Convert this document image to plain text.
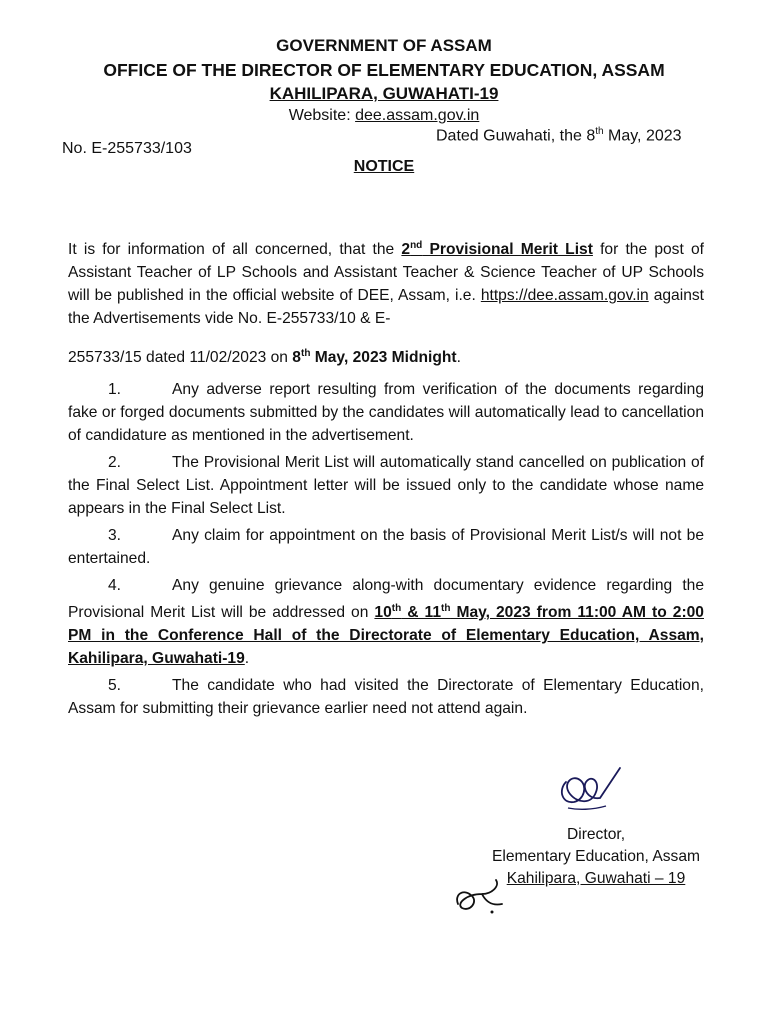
GOVERNMENT OF ASSAM
OFFICE OF THE DIRECTOR OF ELEMENTARY EDUCATION, ASSAM
KAHILIPARA, GUWAHATI-19
Website: dee.assam.gov.in
No. E-255733/103
Dated Guwahati, the 8th May, 2023
NOTICE
It is for information of all concerned, that the 2nd Provisional Merit List for the post of Assistant Teacher of LP Schools and Assistant Teacher & Science Teacher of UP Schools will be published in the official website of DEE, Assam, i.e. https://dee.assam.gov.in against the Advertisements vide No. E-255733/10 & E-
255733/15 dated 11/02/2023 on 8th May, 2023 Midnight.
1.	Any adverse report resulting from verification of the documents regarding fake or forged documents submitted by the candidates will automatically lead to cancellation of candidature as mentioned in the advertisement.
2.	The Provisional Merit List will automatically stand cancelled on publication of the Final Select List. Appointment letter will be issued only to the candidate whose name appears in the Final Select List.
3.	Any claim for appointment on the basis of Provisional Merit List/s will not be entertained.
4.	Any genuine grievance along-with documentary evidence regarding the Provisional Merit List will be addressed on 10th & 11th May, 2023 from 11:00 AM to 2:00 PM in the Conference Hall of the Directorate of Elementary Education, Assam, Kahilipara, Guwahati-19.
5.	The candidate who had visited the Directorate of Elementary Education, Assam for submitting their grievance earlier need not attend again.
Director,
Elementary Education, Assam
Kahilipara, Guwahati – 19
